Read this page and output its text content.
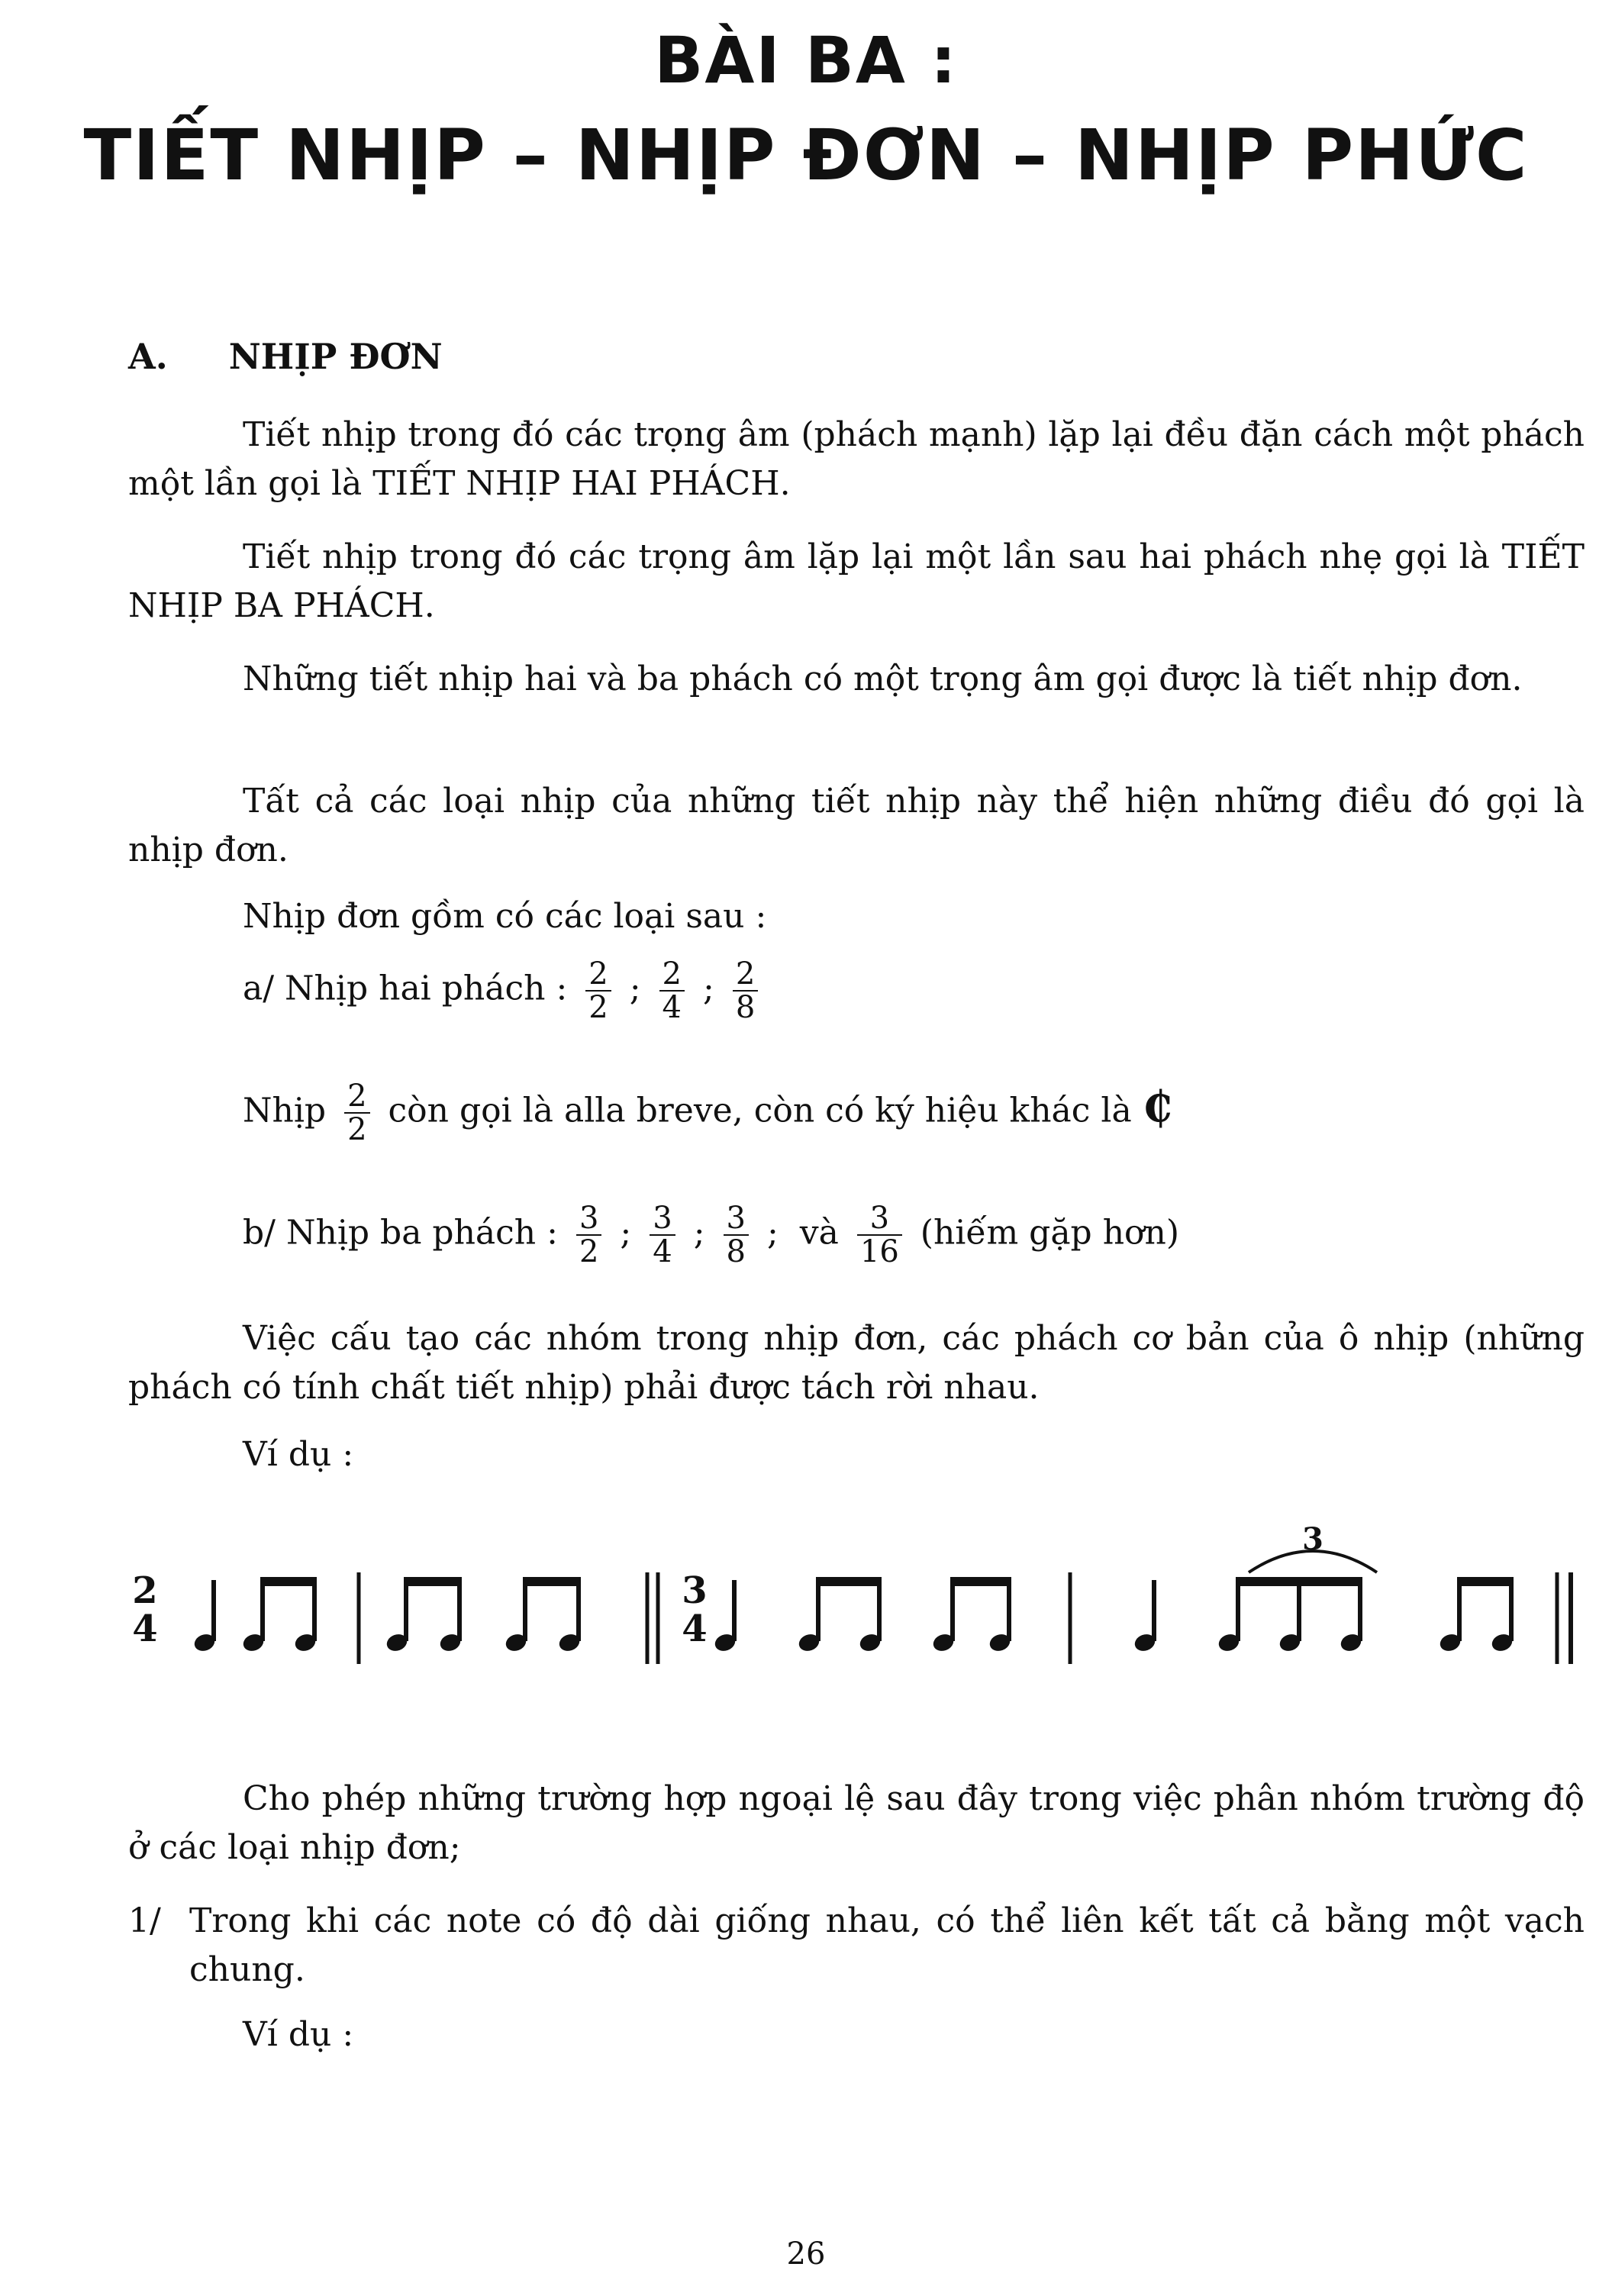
BÀI BA :
TIẾT NHỊP – NHỊP ĐƠN – NHỊP PHỨC
A. NHỊP ĐƠN
Tiết nhịp trong đó các trọng âm (phách mạnh) lặp lại đều đặn cách một phách một lần gọi là TIẾT NHỊP HAI PHÁCH.
Tiết nhịp trong đó các trọng âm lặp lại một lần sau hai phách nhẹ gọi là TIẾT NHỊP BA PHÁCH.
Những tiết nhịp hai và ba phách có một trọng âm gọi được là tiết nhịp đơn.
Tất cả các loại nhịp của những tiết nhịp này thể hiện những điều đó gọi là nhịp đơn.
Nhịp đơn gồm có các loại sau :
a/ Nhịp hai phách : $\frac{2}{2}$ ; $\frac{2}{4}$ ; $\frac{2}{8}$
Nhịp $\frac{2}{2}$ còn gọi là alla breve, còn có ký hiệu khác là ₵
b/ Nhịp ba phách : $\frac{3}{2}$ ; $\frac{3}{4}$ ; $\frac{3}{8}$ ; và $\frac{3}{16}$ (hiếm gặp hơn)
Việc cấu tạo các nhóm trong nhịp đơn, các phách cơ bản của ô nhịp (những phách có tính chất tiết nhịp) phải được tách rời nhau.
Ví dụ :
2
4
3
4
3
Cho phép những trường hợp ngoại lệ sau đây trong việc phân nhóm trường độ ở các loại nhịp đơn;
1/ Trong khi các note có độ dài giống nhau, có thể liên kết tất cả bằng một vạch chung.
Ví dụ :
26
